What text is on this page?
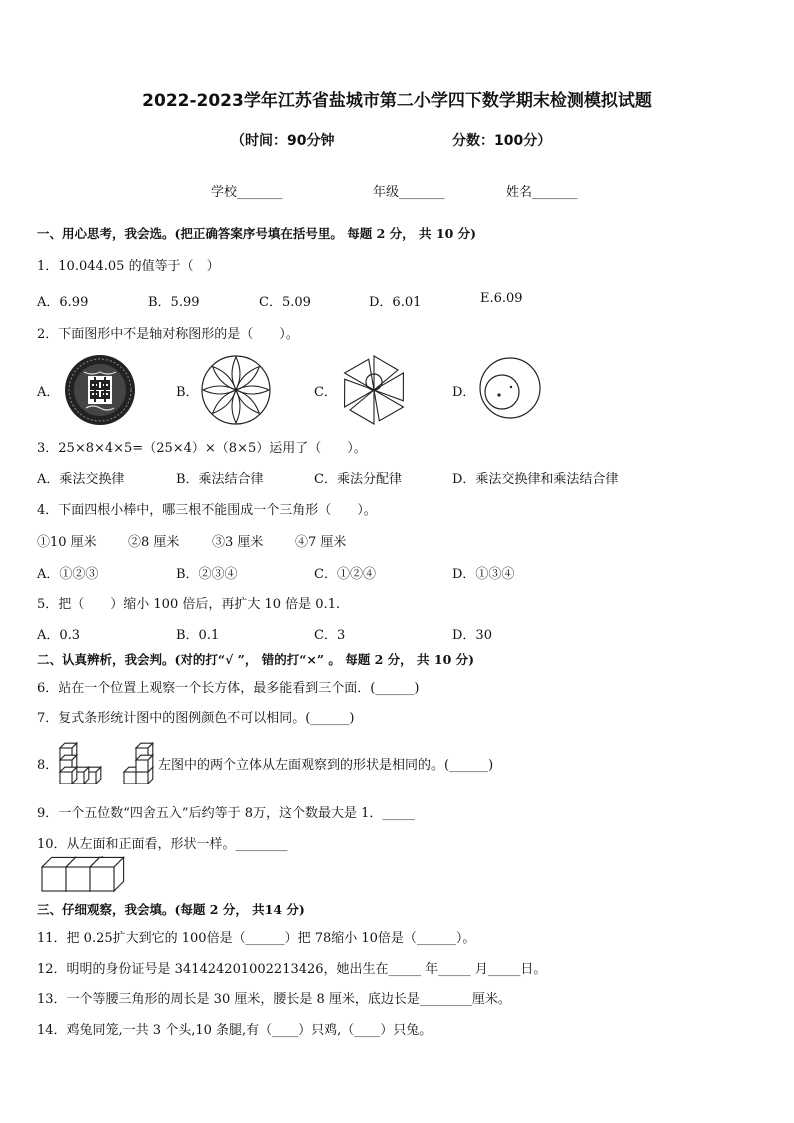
2022-2023学年江苏省盐城市第二小学四下数学期末检测模拟试题
（时间：90分钟	分数：100分）
学校_______	年级_______	姓名_______
一、用心思考，我会选。(把正确答案序号填在括号里。 每题 2 分， 共 10 分)
1．10.044.05 的值等于（　）
A．6.99	B．5.99	C．5.09	D．6.01	E.6.09
2．下面图形中不是轴对称图形的是（　　）。
A．	B．	C．	D．
3．25×8×4×5=（25×4）×（8×5）运用了（　　）。
A．乘法交换律	B．乘法结合律	C．乘法分配律	D．乘法交换律和乘法结合律
4．下面四根小棒中，哪三根不能围成一个三角形（　　）。
①10 厘米 ②8 厘米	③3 厘米 ④7 厘米
A．①②③	B．②③④	C．①②④	D．①③④
5．把（　　）缩小 100 倍后，再扩大 10 倍是 0.1.
A．0.3	B．0.1	C．3	D．30
二、认真辨析，我会判。(对的打“√ ”， 错的打“×” 。 每题 2 分， 共 10 分)
6．站在一个位置上观察一个长方体，最多能看到三个面．(______)
7．复式条形统计图中的图例颜色不可以相同。(______)
8．	左图中的两个立体从左面观察到的形状是相同的。(______)
9．一个五位数“四舍五入”后约等于 8万，这个数最大是 1．_____
10．从左面和正面看，形状一样。________
三、仔细观察，我会填。(每题 2 分， 共14 分)
11．把 0.25扩大到它的 100倍是（______）把 78缩小 10倍是（______）。
12．明明的身份证号是 341424201002213426，她出生在_____ 年_____ 月_____日。
13．一个等腰三角形的周长是 30 厘米，腰长是 8 厘米，底边长是________厘米。
14．鸡兔同笼,一共 3 个头,10 条腿,有（____）只鸡,（____）只兔。
